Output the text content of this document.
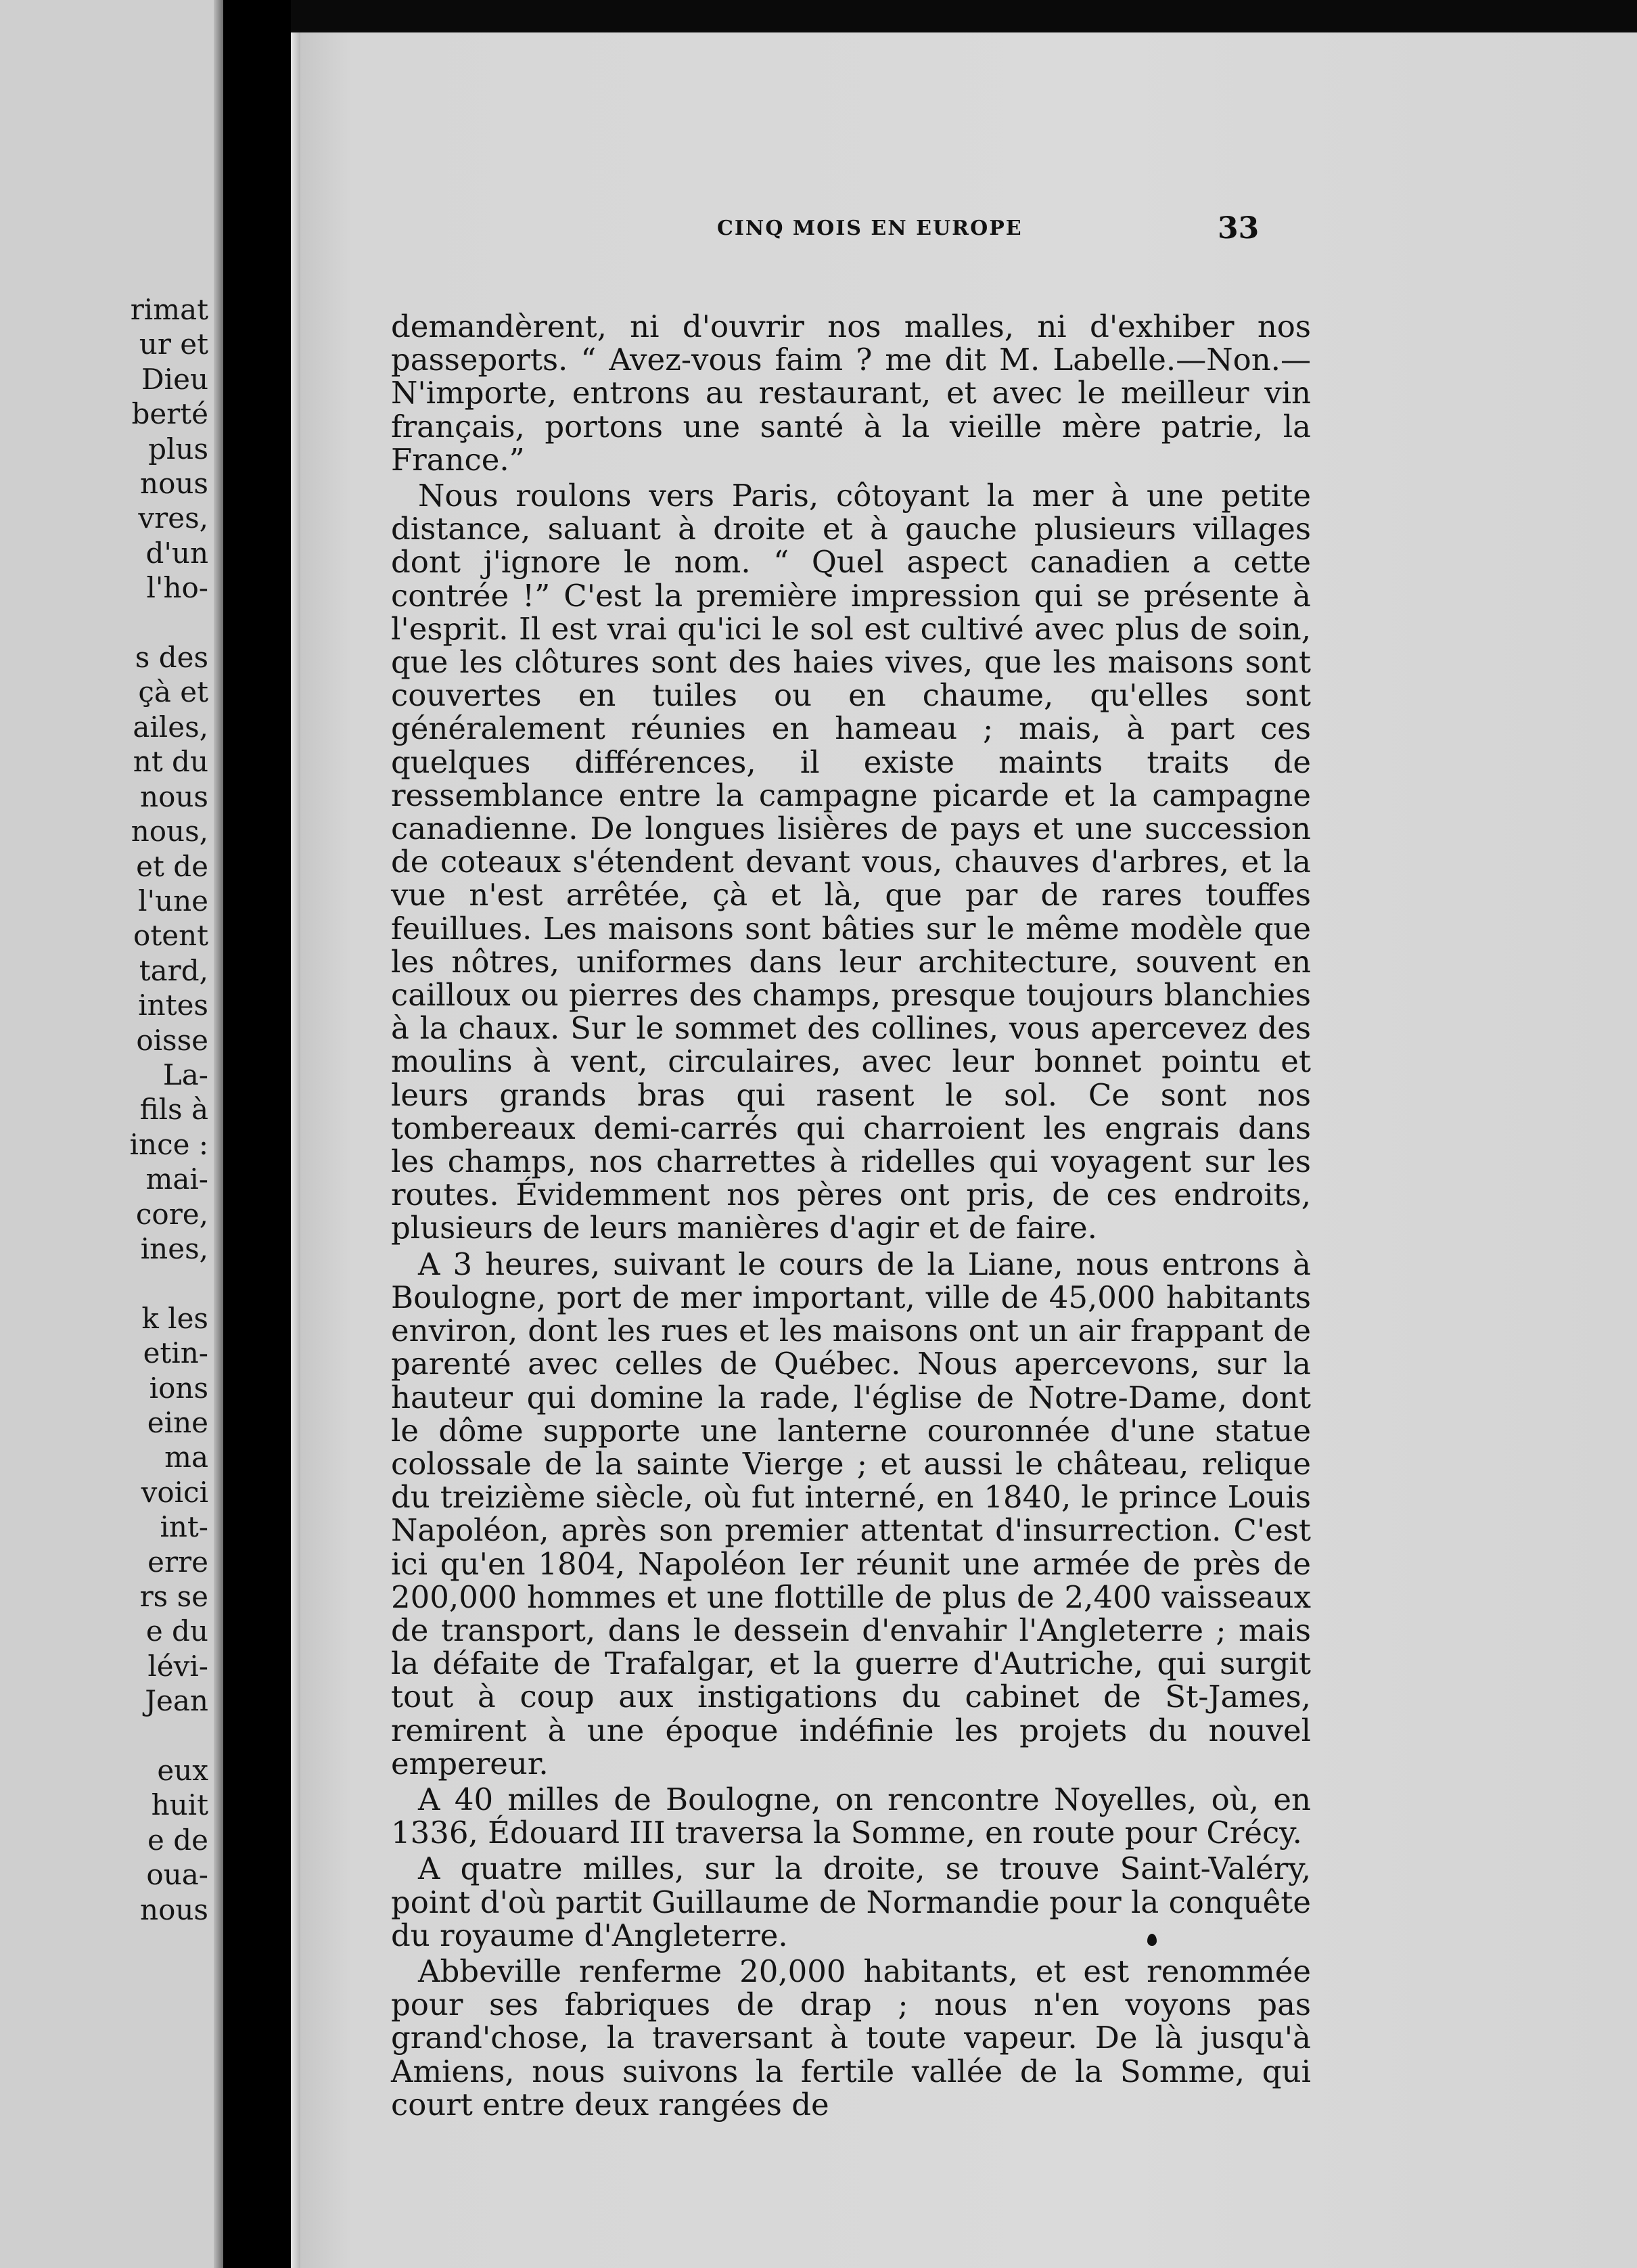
rimat
ur et
Dieu
berté
plus
nous
vres,
d'un
l'ho-

s des
çà et
ailes,
nt du
nous
nous,
et de
l'une
otent
tard,
intes
oisse
La-
fils à
ince :
mai-
core,
ines,

k les
etin-
ions
eine
ma
voici
int-
erre
rs se
e du
lévi-
Jean

eux
huit
e de
oua-
nous
CINQ MOIS EN EUROPE	33

demandèrent, ni d'ouvrir nos malles, ni d'exhiber nos passeports. “ Avez-vous faim ? me dit M. Labelle.—Non.—N'importe, entrons au restaurant, et avec le meilleur vin français, portons une santé à la vieille mère patrie, la France.”

Nous roulons vers Paris, côtoyant la mer à une petite distance, saluant à droite et à gauche plusieurs villages dont j'ignore le nom. “ Quel aspect canadien a cette contrée !” C'est la première impression qui se présente à l'esprit. Il est vrai qu'ici le sol est cultivé avec plus de soin, que les clôtures sont des haies vives, que les maisons sont couvertes en tuiles ou en chaume, qu'elles sont généralement réunies en hameau ; mais, à part ces quelques différences, il existe maints traits de ressemblance entre la campagne picarde et la campagne canadienne. De longues lisières de pays et une succession de coteaux s'étendent devant vous, chauves d'arbres, et la vue n'est arrêtée, çà et là, que par de rares touffes feuillues. Les maisons sont bâties sur le même modèle que les nôtres, uniformes dans leur architecture, souvent en cailloux ou pierres des champs, presque toujours blanchies à la chaux. Sur le sommet des collines, vous apercevez des moulins à vent, circulaires, avec leur bonnet pointu et leurs grands bras qui rasent le sol. Ce sont nos tombereaux demi-carrés qui charroient les engrais dans les champs, nos charrettes à ridelles qui voyagent sur les routes. Évidemment nos pères ont pris, de ces endroits, plusieurs de leurs manières d'agir et de faire.

A 3 heures, suivant le cours de la Liane, nous entrons à Boulogne, port de mer important, ville de 45,000 habitants environ, dont les rues et les maisons ont un air frappant de parenté avec celles de Québec. Nous apercevons, sur la hauteur qui domine la rade, l'église de Notre-Dame, dont le dôme supporte une lanterne couronnée d'une statue colossale de la sainte Vierge ; et aussi le château, relique du treizième siècle, où fut interné, en 1840, le prince Louis Napoléon, après son premier attentat d'insurrection. C'est ici qu'en 1804, Napoléon Ier réunit une armée de près de 200,000 hommes et une flottille de plus de 2,400 vaisseaux de transport, dans le dessein d'envahir l'Angleterre ; mais la défaite de Trafalgar, et la guerre d'Autriche, qui surgit tout à coup aux instigations du cabinet de St-James, remirent à une époque indéfinie les projets du nouvel empereur.

A 40 milles de Boulogne, on rencontre Noyelles, où, en 1336, Édouard III traversa la Somme, en route pour Crécy.

A quatre milles, sur la droite, se trouve Saint-Valéry, point d'où partit Guillaume de Normandie pour la conquête du royaume d'Angleterre.

Abbeville renferme 20,000 habitants, et est renommée pour ses fabriques de drap ; nous n'en voyons pas grand'chose, la traversant à toute vapeur. De là jusqu'à Amiens, nous suivons la fertile vallée de la Somme, qui court entre deux rangées de
